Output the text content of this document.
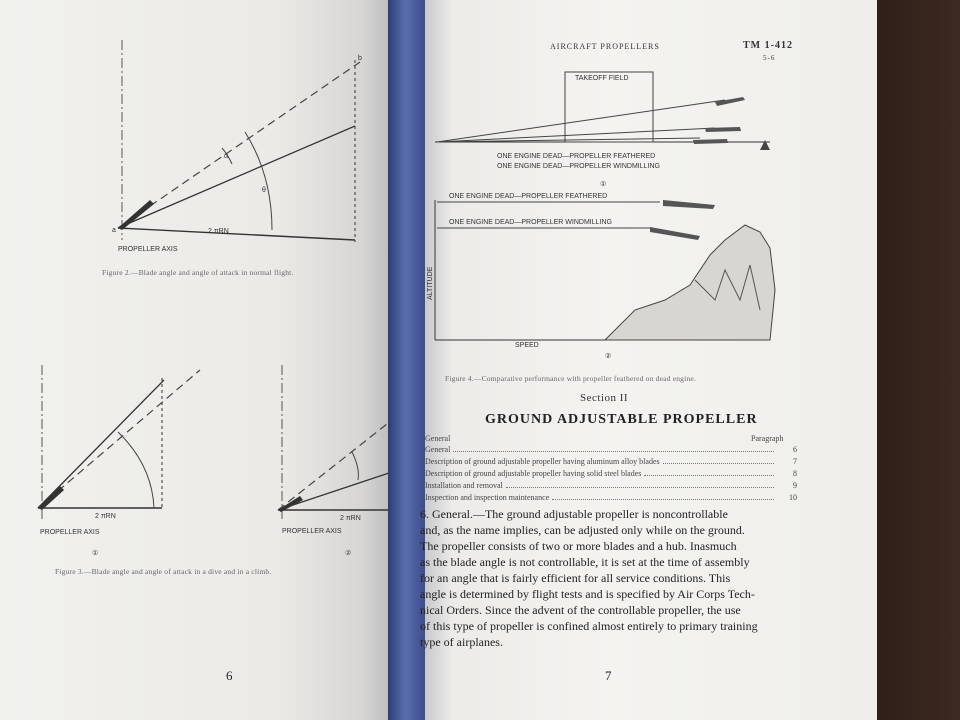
a
b
α
θ
2 πRN
PROPELLER AXIS
Figure 2.—Blade angle and angle of attack in normal flight.
2 πRN
PROPELLER AXIS
①
2 πRN
PROPELLER AXIS
②
Figure 3.—Blade angle and angle of attack in a dive and in a climb.
6
AIRCRAFT PROPELLERS	TM 1-412
5-6
TAKEOFF FIELD
ONE ENGINE DEAD—PROPELLER FEATHERED
ONE ENGINE DEAD—PROPELLER WINDMILLING
①
ONE ENGINE DEAD—PROPELLER FEATHERED
ONE ENGINE DEAD—PROPELLER WINDMILLING
SPEED
ALTITUDE
②
Figure 4.—Comparative performance with propeller feathered on dead engine.
Section II
GROUND ADJUSTABLE PROPELLER
General	Paragraph
General	6
Description of ground adjustable propeller having aluminum alloy blades	7
Description of ground adjustable propeller having solid steel blades	8
Installation and removal	9
Inspection and inspection maintenance	10
6. General.—The ground adjustable propeller is noncontrollable
and, as the name implies, can be adjusted only while on the ground.
The propeller consists of two or more blades and a hub. Inasmuch
as the blade angle is not controllable, it is set at the time of assembly
for an angle that is fairly efficient for all service conditions. This
angle is determined by flight tests and is specified by Air Corps Tech-
nical Orders. Since the advent of the controllable propeller, the use
of this type of propeller is confined almost entirely to primary training
type of airplanes.
7
